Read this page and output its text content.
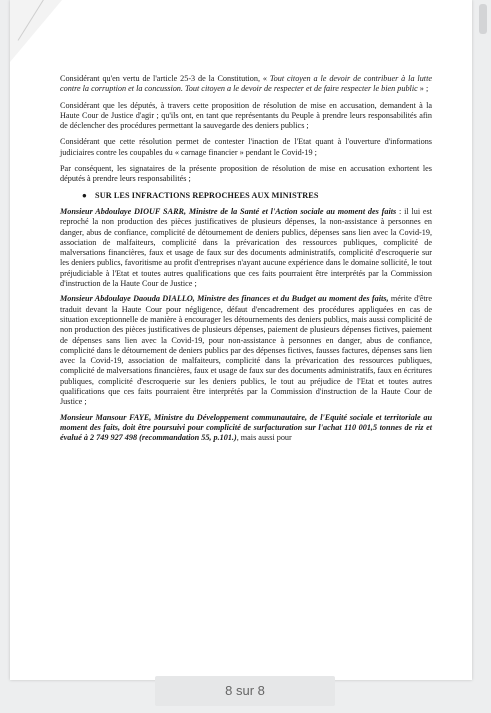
Considérant qu'en vertu de l'article 25-3 de la Constitution, « Tout citoyen a le devoir de contribuer à la lutte contre la corruption et la concussion. Tout citoyen a le devoir de respecter et de faire respecter le bien public » ;

Considérant que les députés, à travers cette proposition de résolution de mise en accusation, demandent à la Haute Cour de Justice d'agir ; qu'ils ont, en tant que représentants du Peuple à prendre leurs responsabilités afin de déclencher des procédures permettant la sauvegarde des deniers publics ;

Considérant que cette résolution permet de contester l'inaction de l'Etat quant à l'ouverture d'informations judiciaires contre les coupables du « carnage financier » pendant le Covid-19 ;

Par conséquent, les signataires de la présente proposition de résolution de mise en accusation exhortent les députés à prendre leurs responsabilités ;

● SUR LES INFRACTIONS REPROCHEES AUX MINISTRES

Monsieur Abdoulaye DIOUF SARR, Ministre de la Santé et l'Action sociale au moment des faits : il lui est reproché la non production des pièces justificatives de plusieurs dépenses, la non-assistance à personnes en danger, abus de confiance, complicité de détournement de deniers publics, dépenses sans lien avec la Covid-19, association de malfaiteurs, complicité dans la prévarication des ressources publiques, complicité de malversations financières, faux et usage de faux sur des documents administratifs, complicité d'escroquerie sur les deniers publics, favoritisme au profit d'entreprises n'ayant aucune expérience dans le domaine sollicité, le tout préjudiciable à l'Etat et toutes autres qualifications que ces faits pourraient être interprétés par la Commission d'instruction de la Haute Cour de Justice ;

Monsieur Abdoulaye Daouda DIALLO, Ministre des finances et du Budget au moment des faits, mérite d'être traduit devant la Haute Cour pour négligence, défaut d'encadrement des procédures appliquées en cas de situation exceptionnelle de manière à encourager les détournements des deniers publics, mais aussi complicité de non production des pièces justificatives de plusieurs dépenses, paiement de plusieurs dépenses fictives, paiement de dépenses sans lien avec la Covid-19, pour non-assistance à personnes en danger, abus de confiance, complicité dans le détournement de deniers publics par des dépenses fictives, fausses factures, dépenses sans lien avec la Covid-19, association de malfaiteurs, complicité dans la prévarication des ressources publiques, complicité de malversations financières, faux et usage de faux sur des documents administratifs, faux en écritures publiques, complicité d'escroquerie sur les deniers publics, le tout au préjudice de l'Etat et toutes autres qualifications que ces faits pourraient être interprétés par la Commission d'instruction de la Haute Cour de Justice ;

Monsieur Mansour FAYE, Ministre du Développement communautaire, de l'Equité sociale et territoriale au moment des faits, doit être poursuivi pour complicité de surfacturation sur l'achat 110 001,5 tonnes de riz et évalué à 2 749 927 498 (recommandation 55, p.101.), mais aussi pour

8 sur 8
